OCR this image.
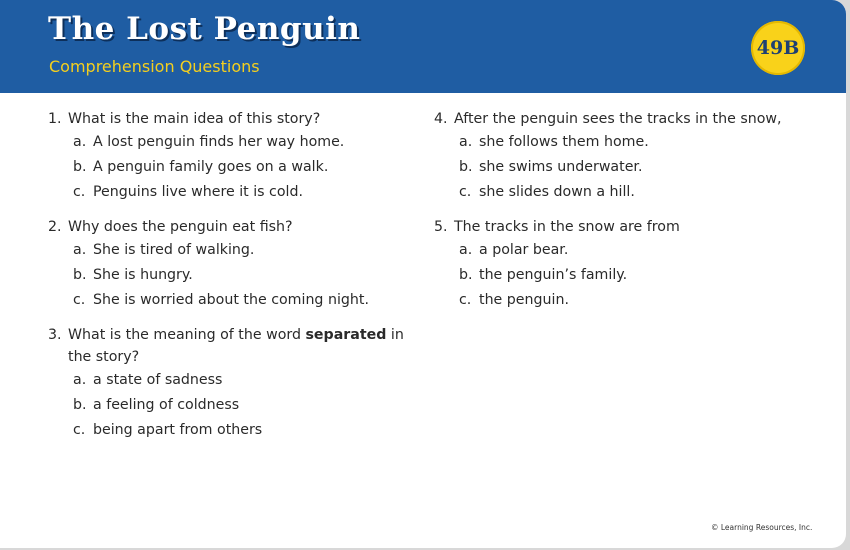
The Lost Penguin
Comprehension Questions
49B
1. What is the main idea of this story?
a. A lost penguin finds her way home.
b. A penguin family goes on a walk.
c. Penguins live where it is cold.
2. Why does the penguin eat fish?
a. She is tired of walking.
b. She is hungry.
c. She is worried about the coming night.
3. What is the meaning of the word separated in the story?
a. a state of sadness
b. a feeling of coldness
c. being apart from others
4. After the penguin sees the tracks in the snow,
a. she follows them home.
b. she swims underwater.
c. she slides down a hill.
5. The tracks in the snow are from
a. a polar bear.
b. the penguin’s family.
c. the penguin.
© Learning Resources, Inc.
